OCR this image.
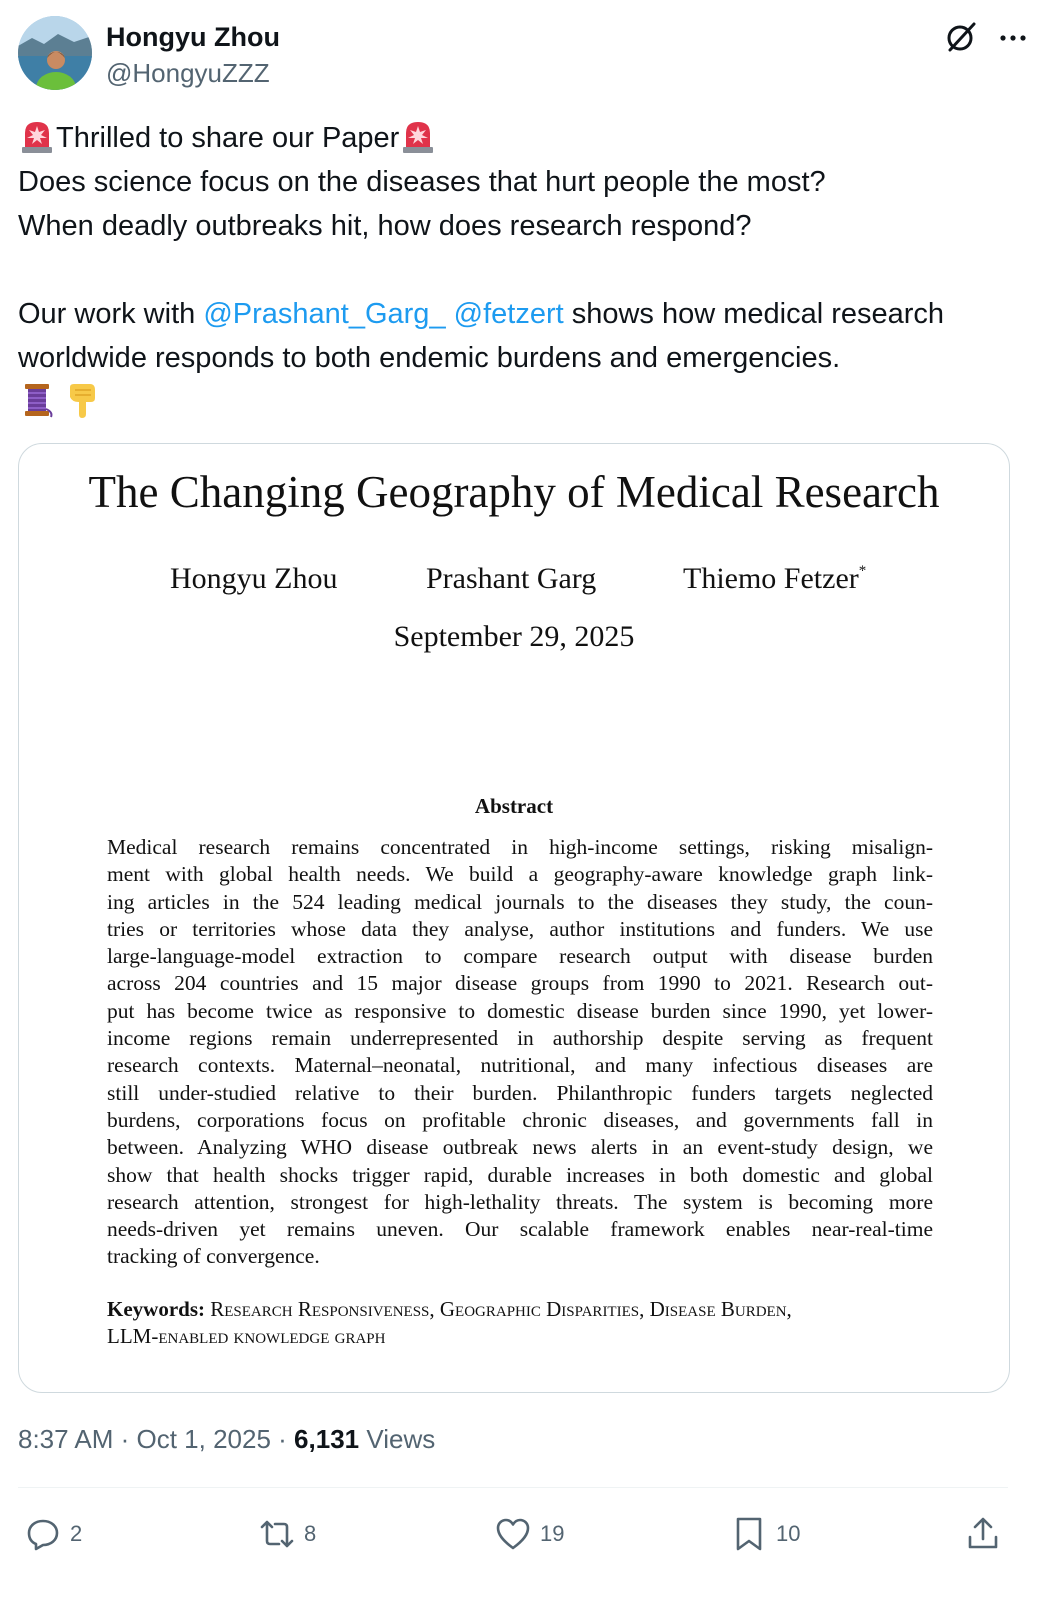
Hongyu Zhou
@HongyuZZZ
Thrilled to share our Paper
Does science focus on the diseases that hurt people the most?
When deadly outbreaks hit, how does research respond?
Our work with @Prashant_Garg_ @fetzert shows how medical research
worldwide responds to both endemic burdens and emergencies.

The Changing Geography of Medical Research
Hongyu Zhou	Prashant Garg	Thiemo Fetzer*
September 29, 2025
Abstract
Medical research remains concentrated in high-income settings, risking misalign-
ment with global health needs. We build a geography-aware knowledge graph link-
ing articles in the 524 leading medical journals to the diseases they study, the coun-
tries or territories whose data they analyse, author institutions and funders. We use
large-language-model extraction to compare research output with disease burden
across 204 countries and 15 major disease groups from 1990 to 2021. Research out-
put has become twice as responsive to domestic disease burden since 1990, yet lower-
income regions remain underrepresented in authorship despite serving as frequent
research contexts. Maternal–neonatal, nutritional, and many infectious diseases are
still under-studied relative to their burden. Philanthropic funders targets neglected
burdens, corporations focus on profitable chronic diseases, and governments fall in
between. Analyzing WHO disease outbreak news alerts in an event-study design, we
show that health shocks trigger rapid, durable increases in both domestic and global
research attention, strongest for high-lethality threats. The system is becoming more
needs-driven yet remains uneven. Our scalable framework enables near-real-time
tracking of convergence.
Keywords: Research Responsiveness, Geographic Disparities, Disease Burden,
LLM-enabled knowledge graph
8:37 AM · Oct 1, 2025 · 6,131 Views
2	8	19	10
